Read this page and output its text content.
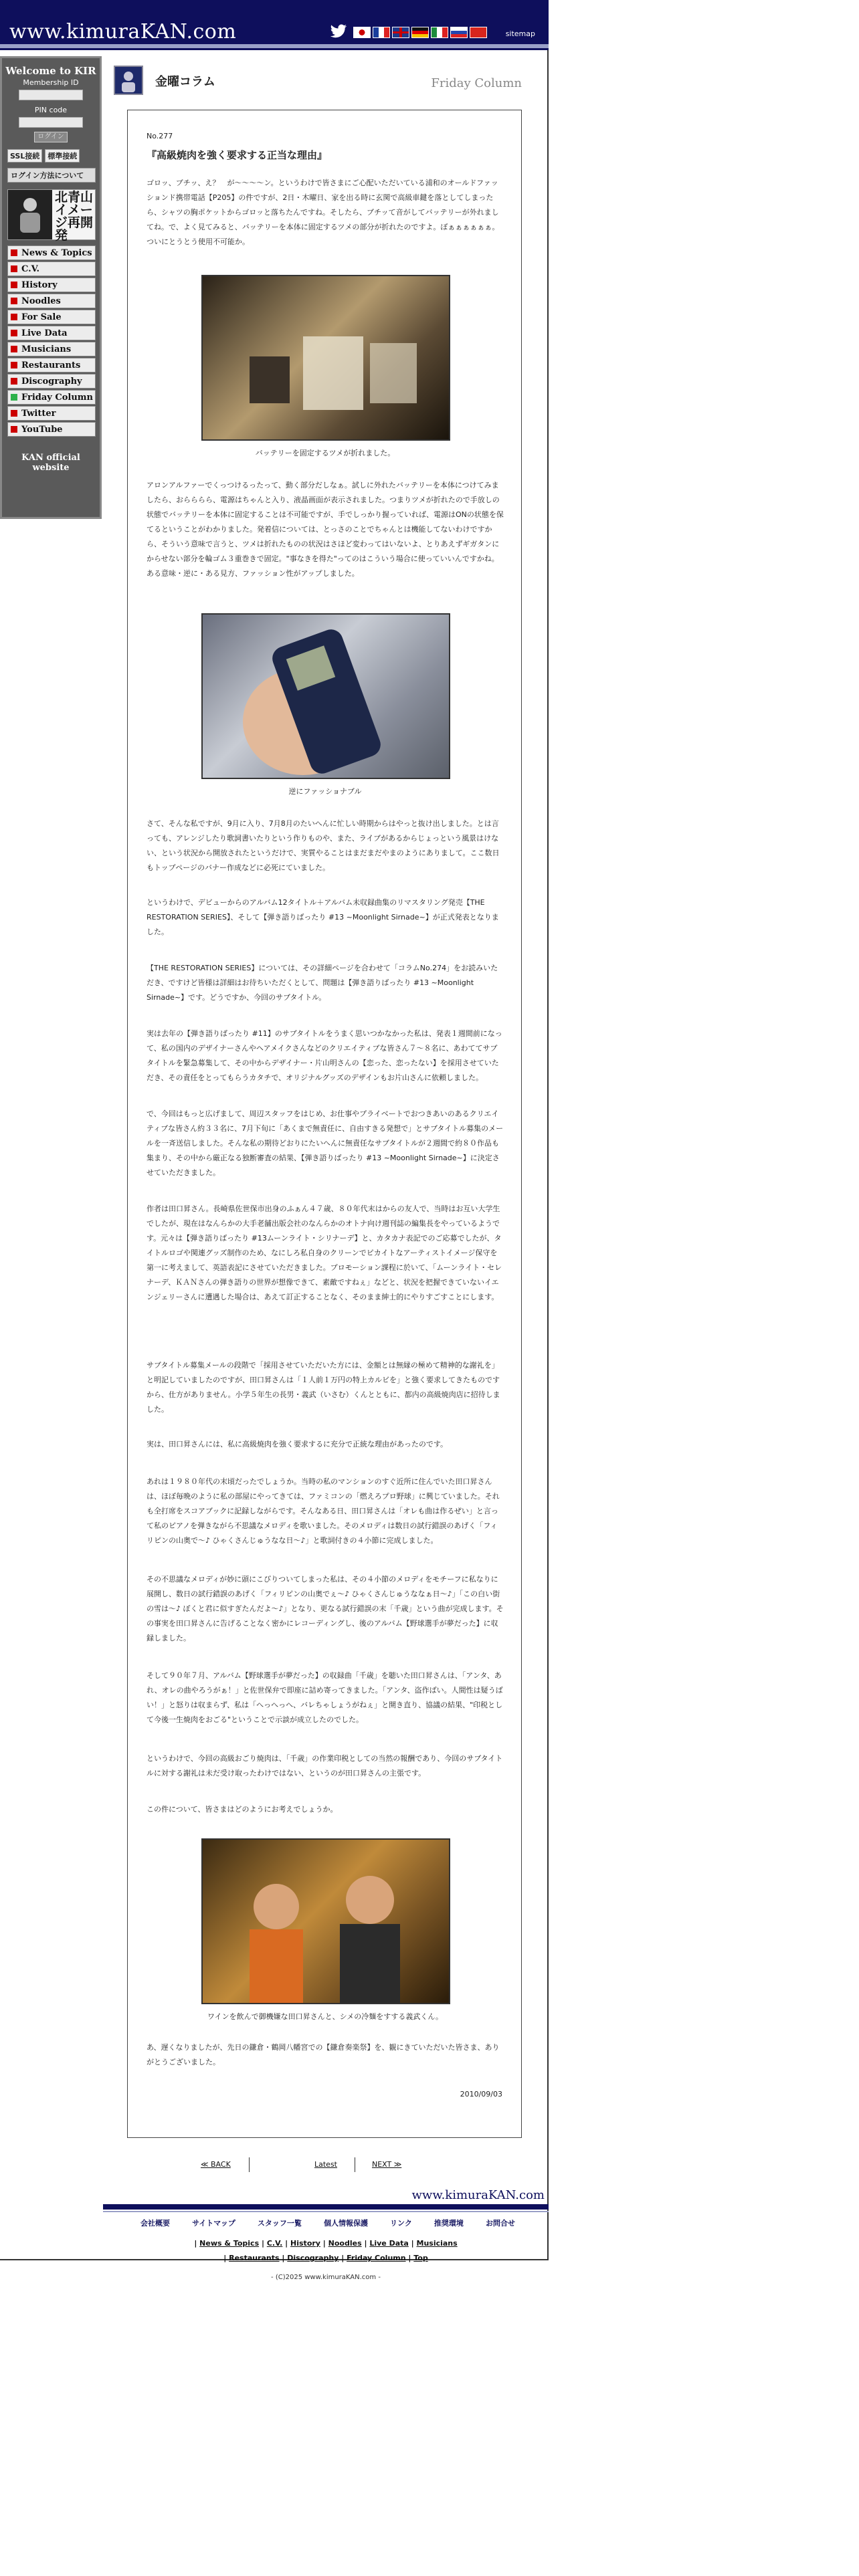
www.kimuraKAN.com	sitemap
Welcome to KIR
Membership ID
PIN code
ログイン
SSL接続	標準接続
ログイン方法について
北青山イメージ再開発
News & Topics
C.V.
History
Noodles
For Sale
Live Data
Musicians
Restaurants
Discography
Friday Column
Twitter
YouTube
KAN official website
金曜コラム	Friday Column
No.277
『高級焼肉を強く要求する正当な理由』
ゴロッ、ブチッ、え？　が〜〜〜〜ン。というわけで皆さまにご心配いただいている浦和のオールドファッションド携帯電話【P205】の件ですが、2日・木曜日、家を出る時に玄関で高級車鍵を落としてしまったら、シャツの胸ポケットからゴロッと落ちたんですね。そしたら、ブチッて音がしてバッテリーが外れましてね。で、よく見てみると、バッテリーを本体に固定するツメの部分が折れたのですよ。ぼぁぁぁぁぁぁ。ついにとうとう使用不可能か。
バッテリーを固定するツメが折れました。
アロンアルファーでくっつけるったって、動く部分だしなぁ。試しに外れたバッテリーを本体につけてみましたら、おらららら、電源はちゃんと入り、液晶画面が表示されました。つまりツメが折れたので手放しの状態でバッテリーを本体に固定することは不可能ですが、手でしっかり握っていれば、電源はONの状態を保てるということがわかりました。発着信については、とっさのことでちゃんとは機能してないわけですから、そういう意味で言うと、ツメは折れたものの状況はさほど変わってはいないよ、とりあえずギガタンにからせない部分を輪ゴム３重巻きで固定。"事なきを得た"ってのはこういう場合に使っていいんですかね。ある意味・逆に・ある見方、ファッション性がアップしました。
逆にファッショナブル
さて、そんな私ですが、9月に入り、7月8月のたいへんに忙しい時期からはやっと抜け出しました。とは言っても、アレンジしたり歌詞書いたりという作りものや、また、ライブがあるからじょっという風景はけない、という状況から開放されたというだけで、実質やることはまだまだやまのようにありまして。ここ数日もトップページのバナー作成などに必死にていました。
というわけで、デビューからのアルバム12タイトル＋アルバム未収録曲集のリマスタリング発売【THE RESTORATION SERIES】、そして【弾き語りばったり #13 ~Moonlight Sirnade~】が正式発表となりました。
【THE RESTORATION SERIES】については、その詳細ページを合わせて「コラムNo.274」をお読みいただき、ですけど皆様は詳細はお待ちいただくとして、問題は【弾き語りばったり #13 ~Moonlight Sirnade~】です。どうですか、今回のサブタイトル。
実は去年の【弾き語りばったり #11】のサブタイトルをうまく思いつかなかった私は、発表１週間前になって、私の国内のデザイナーさんやヘアメイクさんなどのクリエイティブな皆さん７〜８名に、あわててサブタイトルを緊急募集して、その中からデザイナー・片山明さんの【恋った、恋ったない】を採用させていただき、その責任をとってもらうカタチで、オリジナルグッズのデザインもお片山さんに依頼しました。
で、今回はもっと広げまして、周辺スタッフをはじめ、お仕事やプライベートでおつきあいのあるクリエイティブな皆さん約３３名に、7月下旬に「あくまで無責任に、自由すきる発想で」とサブタイトル募集のメールを一斉送信しました。そんな私の期待どおりにたいへんに無責任なサブタイトルが２週間で約８０作品も集まり、その中から厳正なる独断審査の結果、【弾き語りばったり #13 ~Moonlight Sirnade~】に決定させていただきました。
作者は田口昇さん。長崎県佐世保市出身のふぁん４７歳、８０年代末はからの友人で、当時はお互い大学生でしたが、現在はなんらかの大手老舗出版会社のなんらかのオトナ向け週刊誌の編集長をやっているようです。元々は【弾き語りばったり #13ムーンライト・シリナーデ】と、カタカナ表記でのご応募でしたが、タイトルロゴや関連グッズ制作のため、なにしろ私自身のクリーンでピカイトなアーティストイメージ保守を第一に考えまして、英語表記にさせていただきました。プロモーション課程に於いて、「ムーンライト・セレナーデ、ＫＡＮさんの弾き語りの世界が想像できて、素敵ですねぇ」などと、状況を把握できていないイエンジェリーさんに遭遇した場合は、あえて訂正することなく、そのまま紳士的にやりすごすことにします。
サブタイトル募集メールの段階で「採用させていただいた方には、金額とは無縁の極めて精神的な謝礼を」と明記していましたのですが、田口昇さんは「１人前１万円の特上カルビを」と強く要求してきたものですから、仕方がありません。小学５年生の長男・義武（いさむ）くんとともに、都内の高級焼肉店に招待しました。
実は、田口昇さんには、私に高級焼肉を強く要求するに充分で正統な理由があったのです。
あれは１９８０年代の末頃だったでしょうか。当時の私のマンションのすぐ近所に住んでいた田口昇さんは、ほぼ毎晩のように私の部屋にやってきては、ファミコンの「燃えろプロ野球」に興じていました。それも全打席をスコアブックに記録しながらです。そんなある日、田口昇さんは「オレも曲は作るぜい」と言って私のピアノを弾きながら不思議なメロディを歌いました。そのメロディは数日の試行錯誤のあげく「フィリピンの山奥で〜♪ ひゃくさんじゅうなな日〜♪」と歌詞付きの４小節に完成しました。
その不思議なメロディが妙に頭にこびりついてしまった私は、その４小節のメロディをモチーフに私なりに展開し、数日の試行錯誤のあげく「フィリピンの山奥でぇ〜♪ ひゃくさんじゅうななぁ日〜♪」「この白い街の雪は〜♪ ぼくと君に似すぎたんだよ〜♪」となり、更なる試行錯誤の末「千歳」という曲が完成します。その事実を田口昇さんに告げることなく密かにレコーディングし、後のアルバム【野球選手が夢だった】に収録しました。
そして９０年７月、アルバム【野球選手が夢だった】の収録曲「千歳」を聴いた田口昇さんは、「アンタ、あれ、オレの曲やろうがぁ！」と佐世保弁で即座に詰め寄ってきました。「アンタ、盗作ばい。人間性は疑うばい！」と怒りは収まらず、私は「へっへっへ、バレちゃしょうがねぇ」と開き直り、協議の結果、"印税として今後一生焼肉をおごる"ということで示談が成立したのでした。
というわけで、今回の高級おごり焼肉は、「千歳」の作業印税としての当然の報酬であり、今回のサブタイトルに対する謝礼は未だ受け取ったわけではない、というのが田口昇さんの主張です。
この件について、皆さまはどのようにお考えでしょうか。
ワインを飲んで御機嫌な田口昇さんと、シメの冷麺をすする義武くん。
あ、遅くなりましたが、先日の鎌倉・鶴岡八幡宮での【鎌倉奏楽祭】を、観にきていただいた皆さま、ありがとうございました。
2010/09/03
≪ BACK	Latest	NEXT ≫
www.kimuraKAN.com
会社概要	サイトマップ	スタッフ一覧	個人情報保護	リンク	推奨環境	お問合せ
| News & Topics | C.V. | History | Noodles | Live Data | Musicians
| Restaurants | Discography | Friday Column | Top
- (C)2025 www.kimuraKAN.com -
